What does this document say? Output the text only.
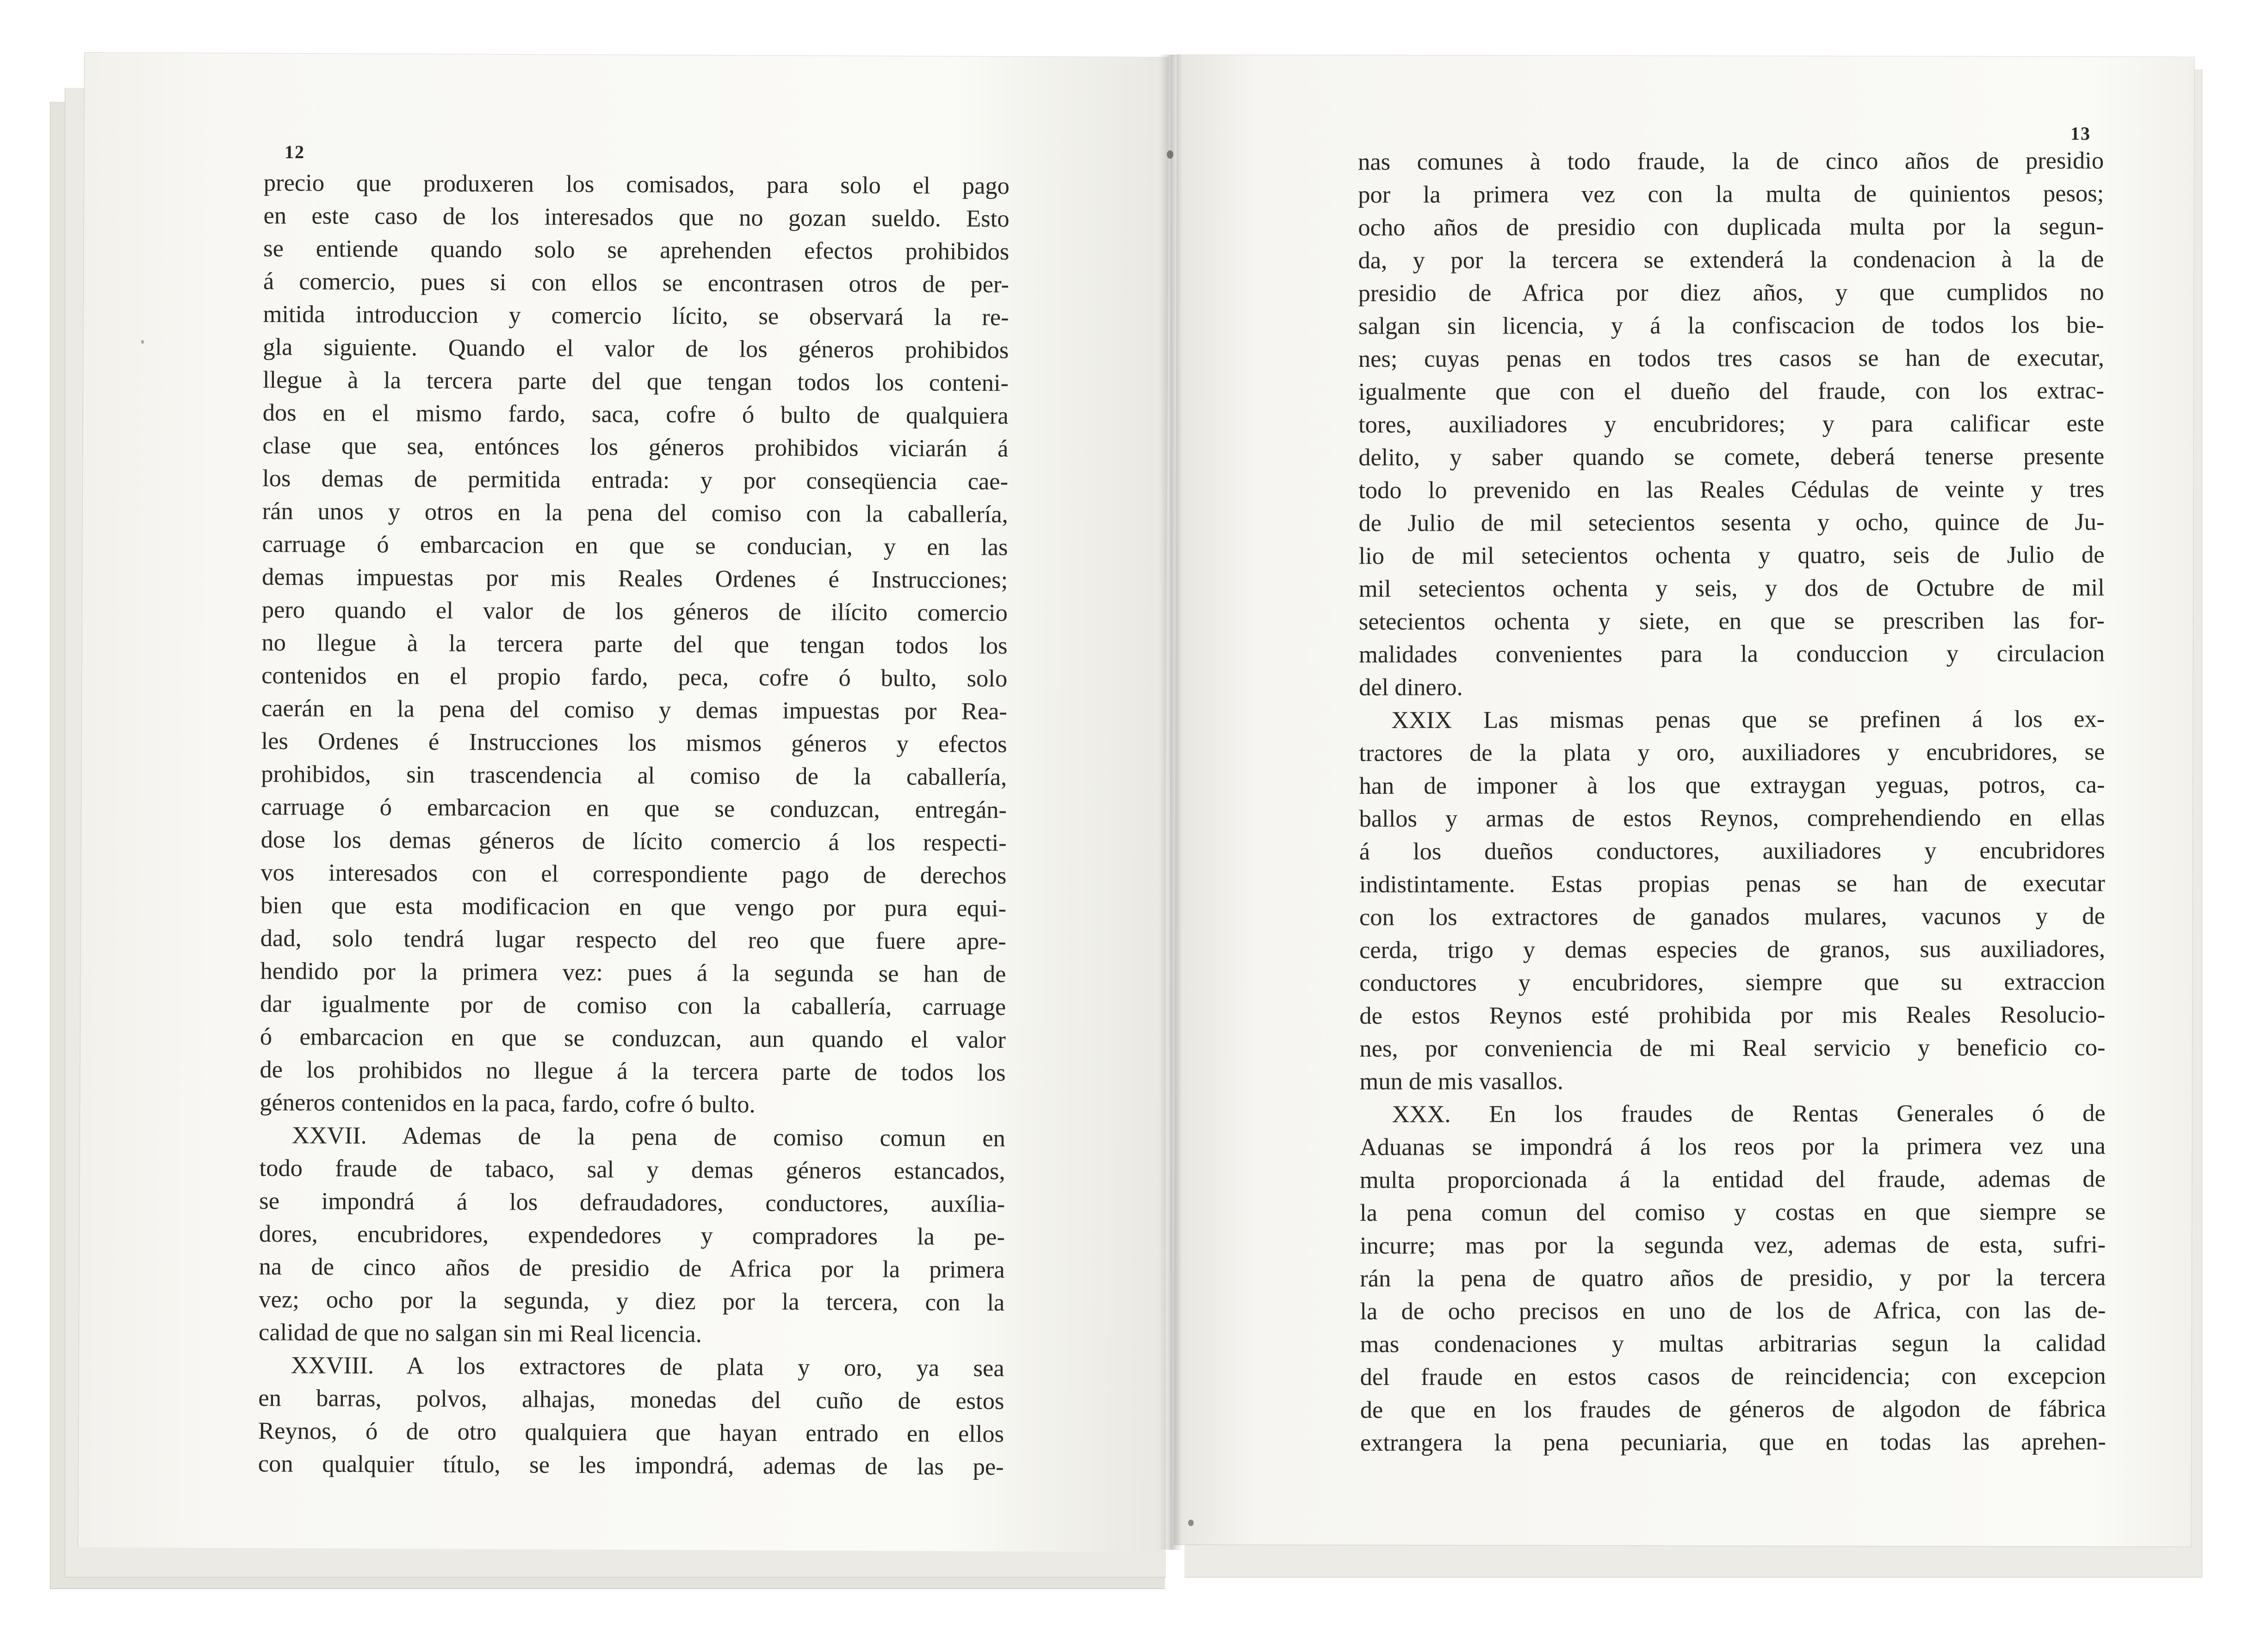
12
13
precio que produxeren los comisados, para solo el pago
en este caso de los interesados que no gozan sueldo. Esto
se entiende quando solo se aprehenden efectos prohibidos
á comercio, pues si con ellos se encontrasen otros de per-
mitida introduccion y comercio lícito, se observará la re-
gla siguiente. Quando el valor de los géneros prohibidos
llegue à la tercera parte del que tengan todos los conteni-
dos en el mismo fardo, saca, cofre ó bulto de qualquiera
clase que sea, entónces los géneros prohibidos viciarán á
los demas de permitida entrada: y por conseqüencia cae-
rán unos y otros en la pena del comiso con la caballería,
carruage ó embarcacion en que se conducian, y en las
demas impuestas por mis Reales Ordenes é Instrucciones;
pero quando el valor de los géneros de ilícito comercio
no llegue à la tercera parte del que tengan todos los
contenidos en el propio fardo, peca, cofre ó bulto, solo
caerán en la pena del comiso y demas impuestas por Rea-
les Ordenes é Instrucciones los mismos géneros y efectos
prohibidos, sin trascendencia al comiso de la caballería,
carruage ó embarcacion en que se conduzcan, entregán-
dose los demas géneros de lícito comercio á los respecti-
vos interesados con el correspondiente pago de derechos
bien que esta modificacion en que vengo por pura equi-
dad, solo tendrá lugar respecto del reo que fuere apre-
hendido por la primera vez: pues á la segunda se han de
dar igualmente por de comiso con la caballería, carruage
ó embarcacion en que se conduzcan, aun quando el valor
de los prohibidos no llegue á la tercera parte de todos los
géneros contenidos en la paca, fardo, cofre ó bulto.
XXVII. Ademas de la pena de comiso comun en
todo fraude de tabaco, sal y demas géneros estancados,
se impondrá á los defraudadores, conductores, auxília-
dores, encubridores, expendedores y compradores la pe-
na de cinco años de presidio de Africa por la primera
vez; ocho por la segunda, y diez por la tercera, con la
calidad de que no salgan sin mi Real licencia.
XXVIII. A los extractores de plata y oro, ya sea
en barras, polvos, alhajas, monedas del cuño de estos
Reynos, ó de otro qualquiera que hayan entrado en ellos
con qualquier título, se les impondrá, ademas de las pe-
nas comunes à todo fraude, la de cinco años de presidio
por la primera vez con la multa de quinientos pesos;
ocho años de presidio con duplicada multa por la segun-
da, y por la tercera se extenderá la condenacion à la de
presidio de Africa por diez años, y que cumplidos no
salgan sin licencia, y á la confiscacion de todos los bie-
nes; cuyas penas en todos tres casos se han de executar,
igualmente que con el dueño del fraude, con los extrac-
tores, auxiliadores y encubridores; y para calificar este
delito, y saber quando se comete, deberá tenerse presente
todo lo prevenido en las Reales Cédulas de veinte y tres
de Julio de mil setecientos sesenta y ocho, quince de Ju-
lio de mil setecientos ochenta y quatro, seis de Julio de
mil setecientos ochenta y seis, y dos de Octubre de mil
setecientos ochenta y siete, en que se prescriben las for-
malidades convenientes para la conduccion y circulacion
del dinero.
XXIX Las mismas penas que se prefinen á los ex-
tractores de la plata y oro, auxiliadores y encubridores, se
han de imponer à los que extraygan yeguas, potros, ca-
ballos y armas de estos Reynos, comprehendiendo en ellas
á los dueños conductores, auxiliadores y encubridores
indistintamente. Estas propias penas se han de executar
con los extractores de ganados mulares, vacunos y de
cerda, trigo y demas especies de granos, sus auxiliadores,
conductores y encubridores, siempre que su extraccion
de estos Reynos esté prohibida por mis Reales Resolucio-
nes, por conveniencia de mi Real servicio y beneficio co-
mun de mis vasallos.
XXX. En los fraudes de Rentas Generales ó de
Aduanas se impondrá á los reos por la primera vez una
multa proporcionada á la entidad del fraude, ademas de
la pena comun del comiso y costas en que siempre se
incurre; mas por la segunda vez, ademas de esta, sufri-
rán la pena de quatro años de presidio, y por la tercera
la de ocho precisos en uno de los de Africa, con las de-
mas condenaciones y multas arbitrarias segun la calidad
del fraude en estos casos de reincidencia; con excepcion
de que en los fraudes de géneros de algodon de fábrica
extrangera la pena pecuniaria, que en todas las aprehen-
